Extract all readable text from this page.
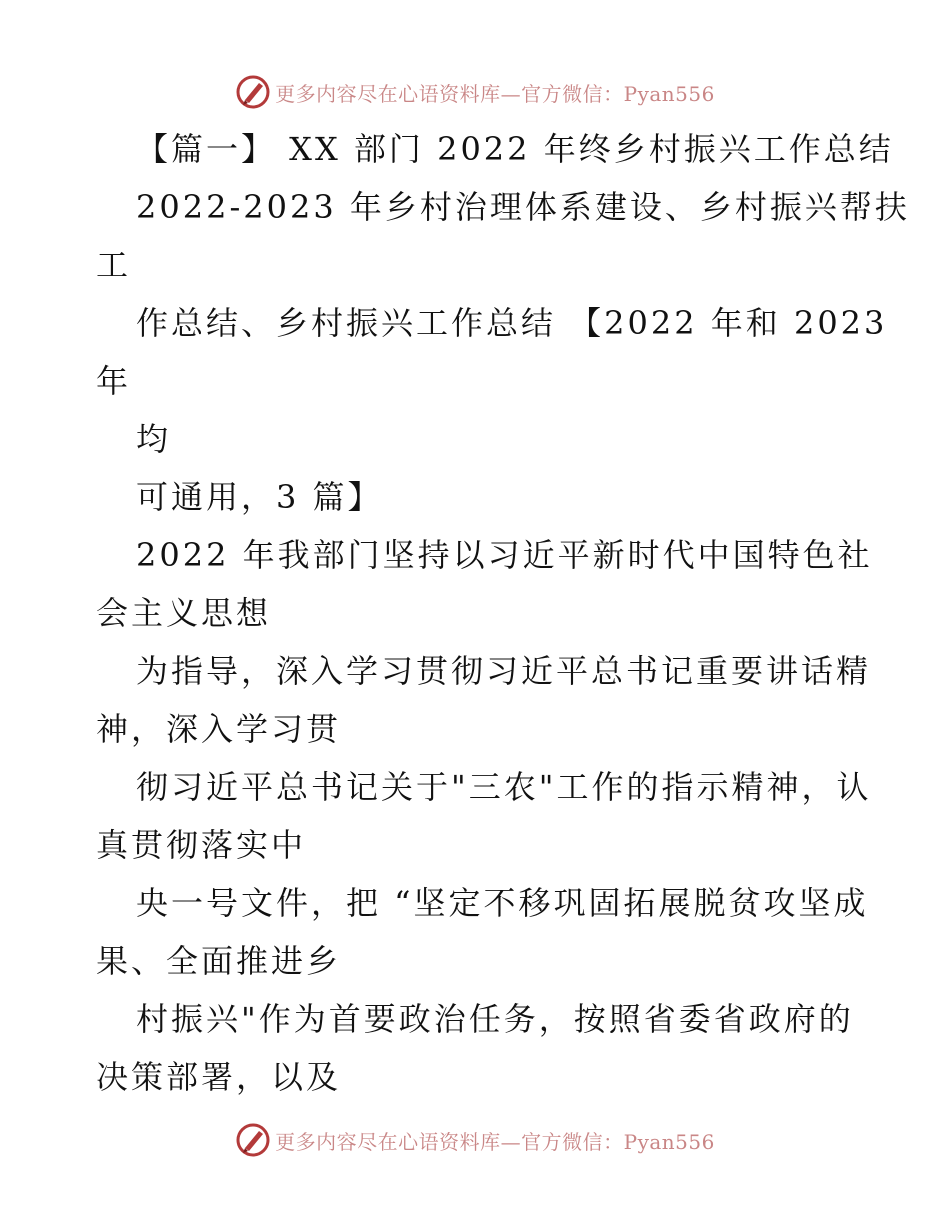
更多内容尽在心语资料库—官方微信：Pyan556
【篇一】 XX 部门 2022 年终乡村振兴工作总结
2022-2023 年乡村治理体系建设、乡村振兴帮扶
工
作总结、乡村振兴工作总结 【2022 年和 2023
年
均
可通用，3 篇】
2022 年我部门坚持以习近平新时代中国特色社
会主义思想
为指导，深入学习贯彻习近平总书记重要讲话精
神，深入学习贯
彻习近平总书记关于"三农"工作的指示精神，认
真贯彻落实中
央一号文件，把 “坚定不移巩固拓展脱贫攻坚成
果、全面推进乡
村振兴"作为首要政治任务，按照省委省政府的
决策部署，以及
更多内容尽在心语资料库—官方微信：Pyan556
